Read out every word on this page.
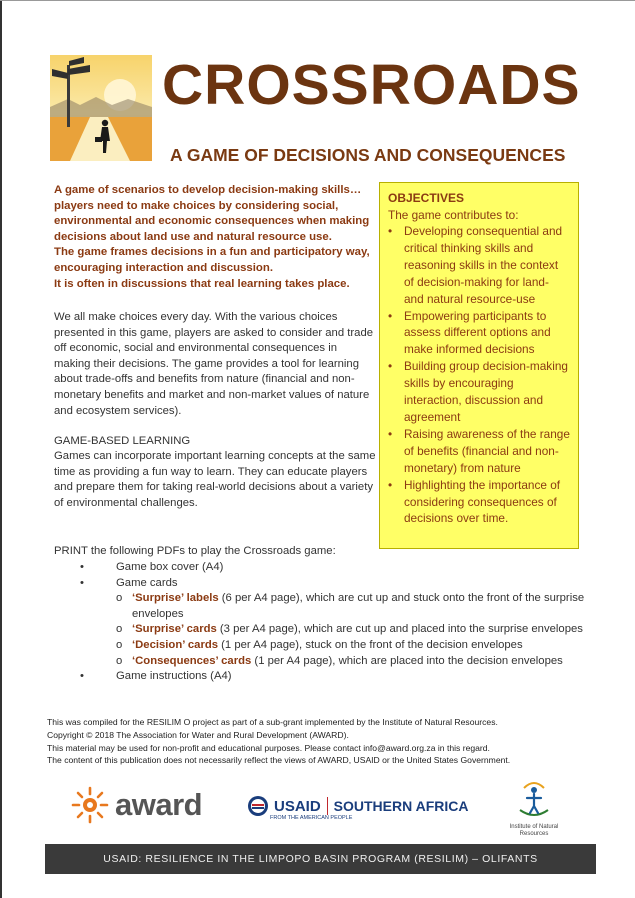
CROSSROADS
A GAME OF DECISIONS AND CONSEQUENCES

A game of scenarios to develop decision-making skills…

players need to make choices by considering social,

environmental and economic consequences when making

decisions about land use and natural resource use.

The game frames decisions in a fun and participatory way,

encouraging interaction and discussion.

It is often in discussions that real learning takes place.

We all make choices every day. With the various choices presented in this game, players are asked to consider and trade off economic, social and environmental consequences in making their decisions. The game provides a tool for learning about trade-offs and benefits from nature (financial and non-monetary benefits and market and non-market values of nature and ecosystem services).

GAME-BASED LEARNING

Games can incorporate important learning concepts at the same time as providing a fun way to learn. They can educate players and prepare them for taking real-world decisions about a variety of environmental challenges.

OBJECTIVES
The game contributes to:
• Developing consequential and critical thinking skills and reasoning skills in the context of decision-making for land- and natural resource-use
• Empowering participants to assess different options and make informed decisions
• Building group decision-making skills by encouraging interaction, discussion and agreement
• Raising awareness of the range of benefits (financial and non-monetary) from nature
• Highlighting the importance of considering consequences of decisions over time.

PRINT the following PDFs to play the Crossroads game:

•	Game box cover (A4)
•	Game cards
o ‘Surprise’ labels (6 per A4 page), which are cut up and stuck onto the front of the surprise envelopes
o ‘Surprise’ cards (3 per A4 page), which are cut up and placed into the surprise envelopes
o ‘Decision’ cards (1 per A4 page), stuck on the front of the decision envelopes
o ‘Consequences’ cards (1 per A4 page), which are placed into the decision envelopes
•	Game instructions (A4)

This was compiled for the RESILIM O project as part of a sub-grant implemented by the Institute of Natural Resources.

Copyright © 2018 The Association for Water and Rural Development (AWARD).

This material may be used for non-profit and educational purposes. Please contact info@award.org.za in this regard.

The content of this publication does not necessarily reflect the views of AWARD, USAID or the United States Government.

award	USAID SOUTHERN AFRICA
FROM THE AMERICAN PEOPLE
Institute of Natural Resources
USAID: RESILIENCE IN THE LIMPOPO BASIN PROGRAM (RESILIM) – OLIFANTS
